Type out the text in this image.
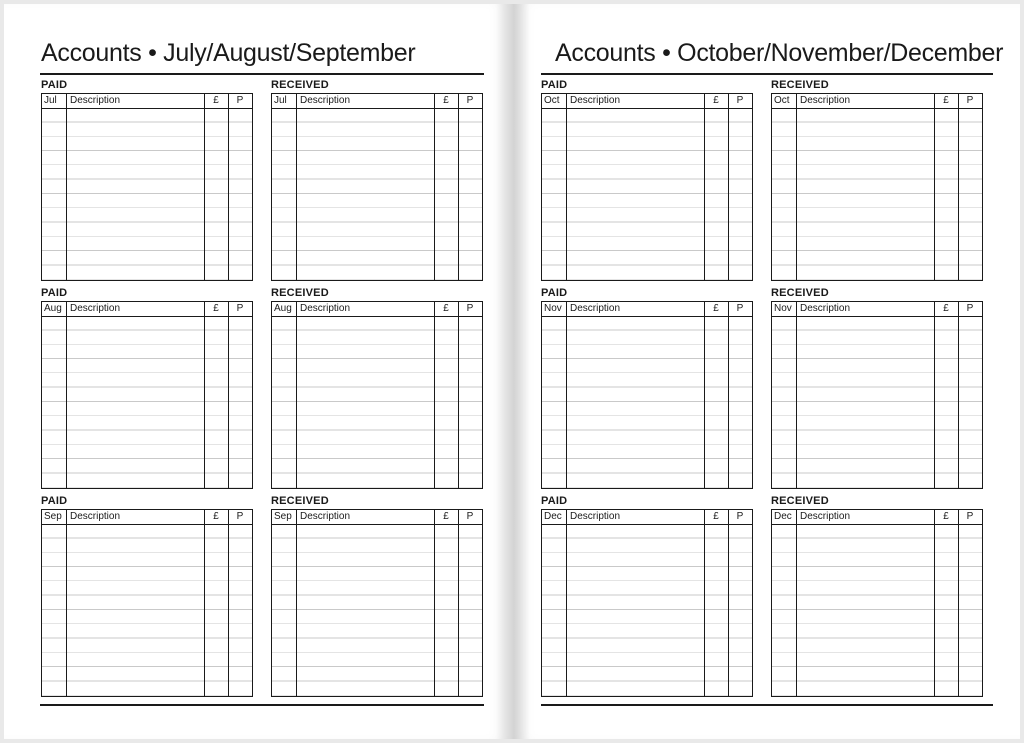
Accounts • July/August/September
PAID
Jul Description	£	P
RECEIVED
Jul Description	£	P
PAID
Aug Description	£	P
RECEIVED
Aug Description	£	P
PAID
Sep Description	£	P
RECEIVED
Sep Description	£	P
Accounts • October/November/December
PAID
Oct Description	£	P
RECEIVED
Oct Description	£	P
PAID
Nov Description	£	P
RECEIVED
Nov Description	£	P
PAID
Dec Description	£	P
RECEIVED
Dec Description	£	P
